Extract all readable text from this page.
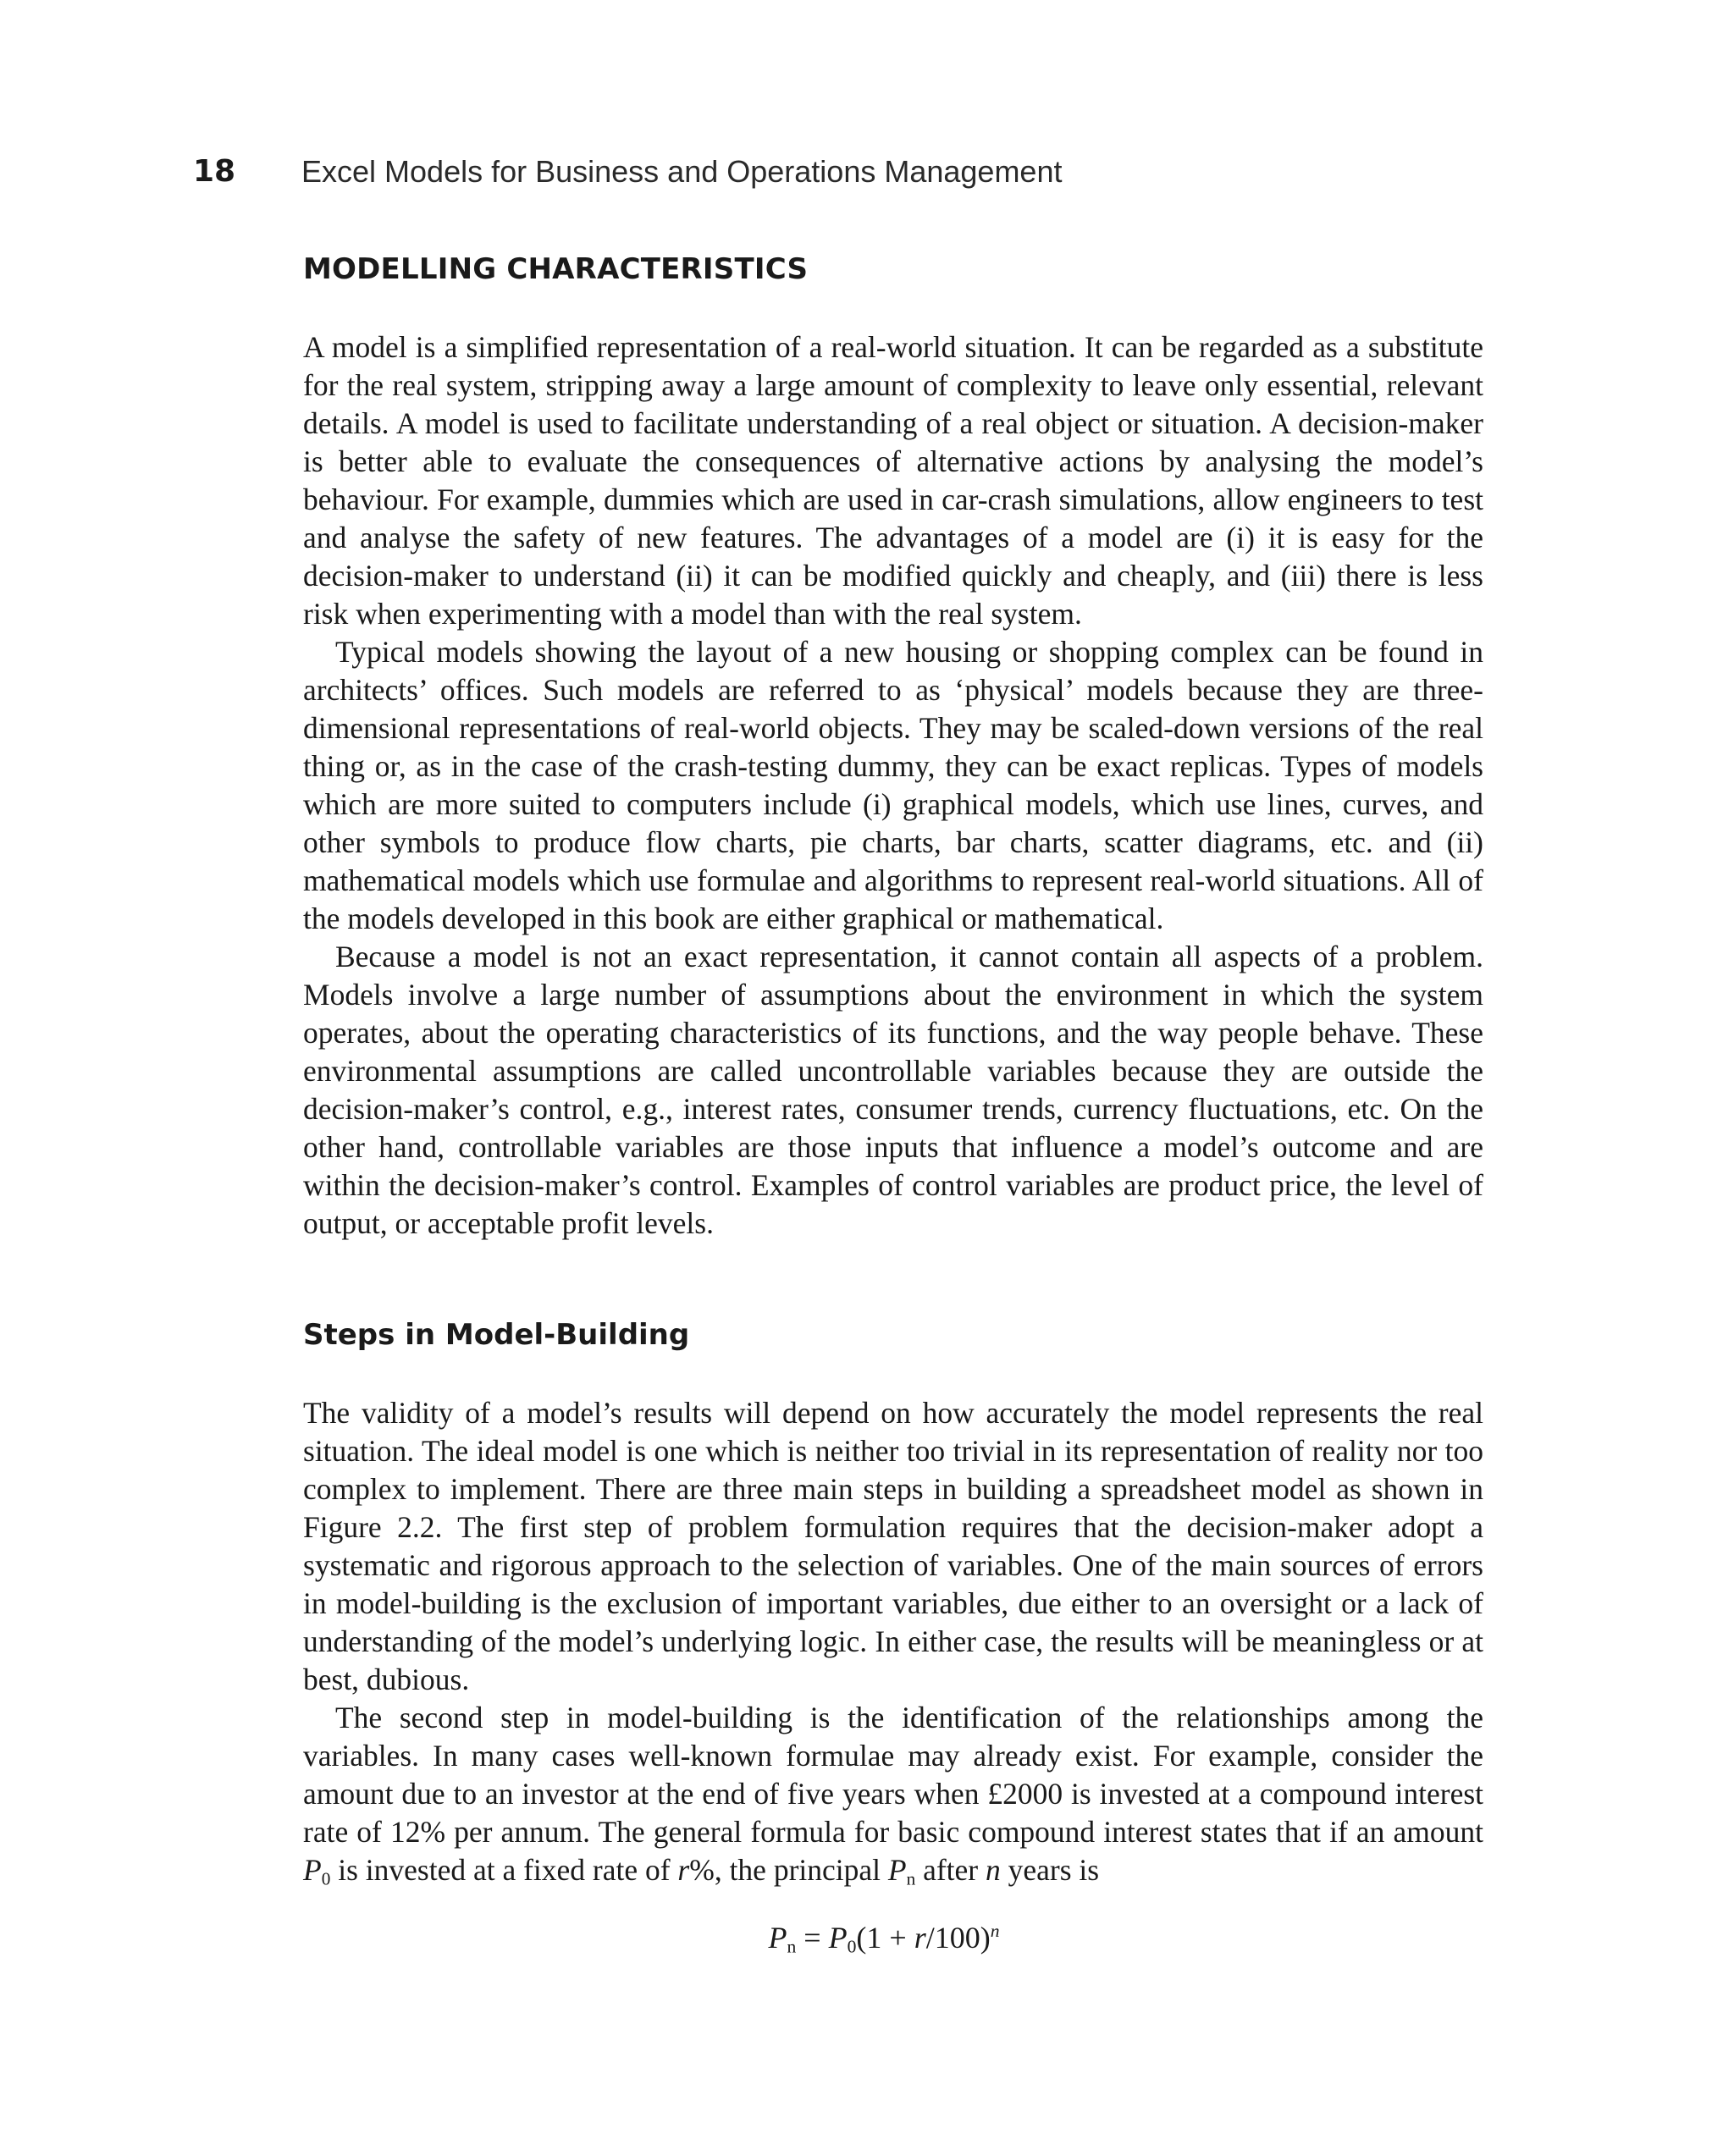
18 Excel Models for Business and Operations Management
MODELLING CHARACTERISTICS

A model is a simplified representation of a real-world situation. It can be regarded as a substitute for the real system, stripping away a large amount of complexity to leave only essential, relevant details. A model is used to facilitate understanding of a real object or situation. A decision-maker is better able to evaluate the consequences of alternative actions by analysing the model’s behaviour. For example, dummies which are used in car-crash simulations, allow engineers to test and analyse the safety of new features. The advantages of a model are (i) it is easy for the decision-maker to understand (ii) it can be modified quickly and cheaply, and (iii) there is less risk when experimenting with a model than with the real system.

Typical models showing the layout of a new housing or shopping complex can be found in architects’ offices. Such models are referred to as ‘physical’ models because they are three-dimensional representations of real-world objects. They may be scaled-down versions of the real thing or, as in the case of the crash-testing dummy, they can be exact replicas. Types of models which are more suited to computers include (i) graphical models, which use lines, curves, and other symbols to produce flow charts, pie charts, bar charts, scatter diagrams, etc. and (ii) mathematical models which use formulae and algorithms to represent real-world situations. All of the models developed in this book are either graphical or mathematical.

Because a model is not an exact representation, it cannot contain all aspects of a problem. Models involve a large number of assumptions about the environment in which the system operates, about the operating characteristics of its functions, and the way people behave. These environmental assumptions are called uncontrollable variables because they are outside the decision-maker’s control, e.g., interest rates, consumer trends, currency fluctuations, etc. On the other hand, controllable variables are those inputs that influence a model’s outcome and are within the decision-maker’s control. Examples of control variables are product price, the level of output, or acceptable profit levels.

Steps in Model-Building

The validity of a model’s results will depend on how accurately the model represents the real situation. The ideal model is one which is neither too trivial in its representation of reality nor too complex to implement. There are three main steps in building a spreadsheet model as shown in Figure 2.2. The first step of problem formulation requires that the decision-maker adopt a systematic and rigorous approach to the selection of variables. One of the main sources of errors in model-building is the exclusion of important variables, due either to an oversight or a lack of understanding of the model’s underlying logic. In either case, the results will be meaningless or at best, dubious.

The second step in model-building is the identification of the relationships among the variables. In many cases well-known formulae may already exist. For example, consider the amount due to an investor at the end of five years when £2000 is invested at a compound interest rate of 12% per annum. The general formula for basic compound interest states that if an amount $P_0$ is invested at a fixed rate of r%, the principal $P_n$ after n years is

$P_n = P_0(1 + r/100)^n$
